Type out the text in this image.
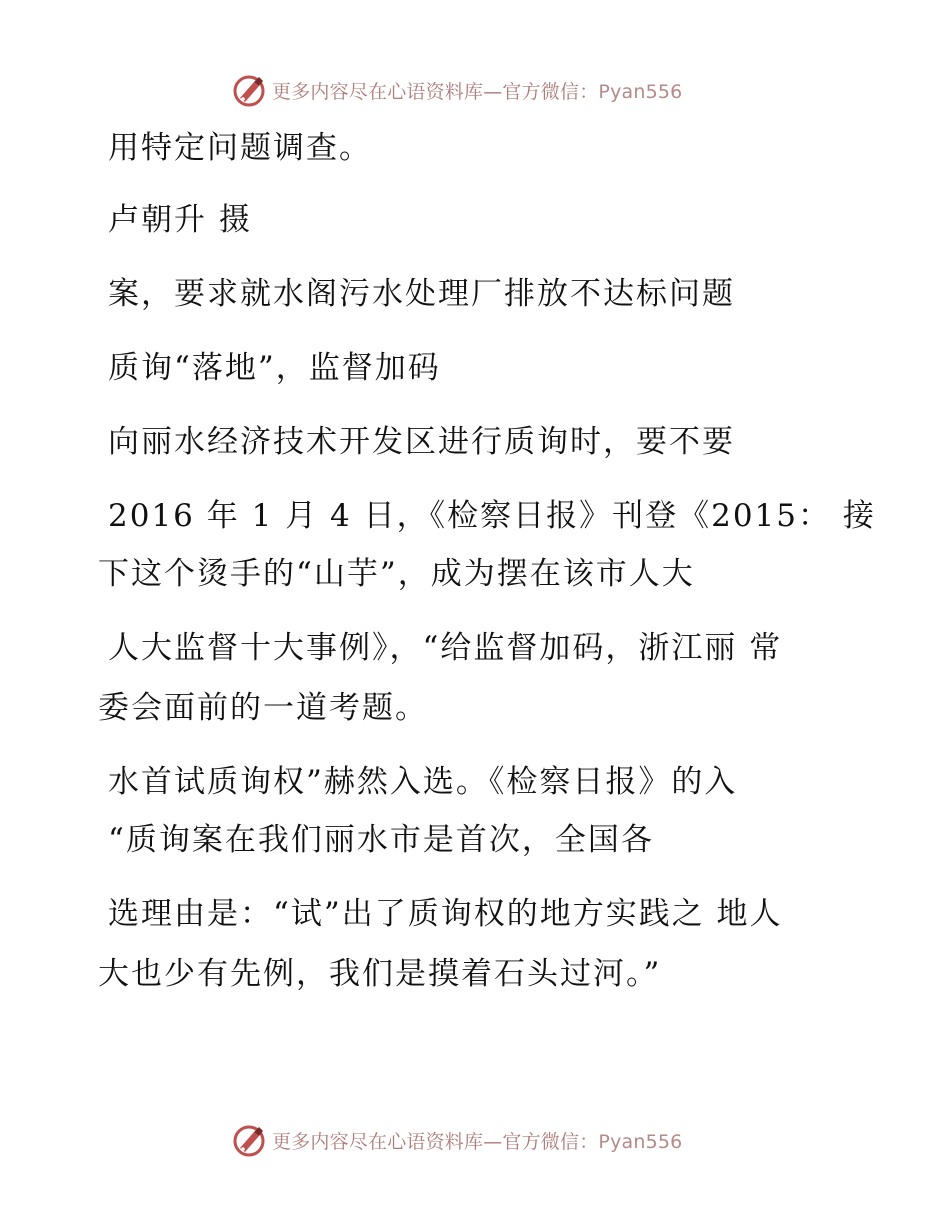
更多内容尽在心语资料库—官方微信：Pyan556
用特定问题调查。
卢朝升 摄
案，要求就水阁污水处理厂排放不达标问题
质询“落地”，监督加码
向丽水经济技术开发区进行质询时，要不要
2016 年 1 月 4 日，《检察日报》刊登《2015： 接
下这个烫手的“山芋”，成为摆在该市人大
人大监督十大事例》，“给监督加码，浙江丽 常
委会面前的一道考题。
水首试质询权”赫然入选。《检察日报》的入
“质询案在我们丽水市是首次，全国各
选理由是：“试”出了质询权的地方实践之 地人
大也少有先例，我们是摸着石头过河。”
更多内容尽在心语资料库—官方微信：Pyan556
